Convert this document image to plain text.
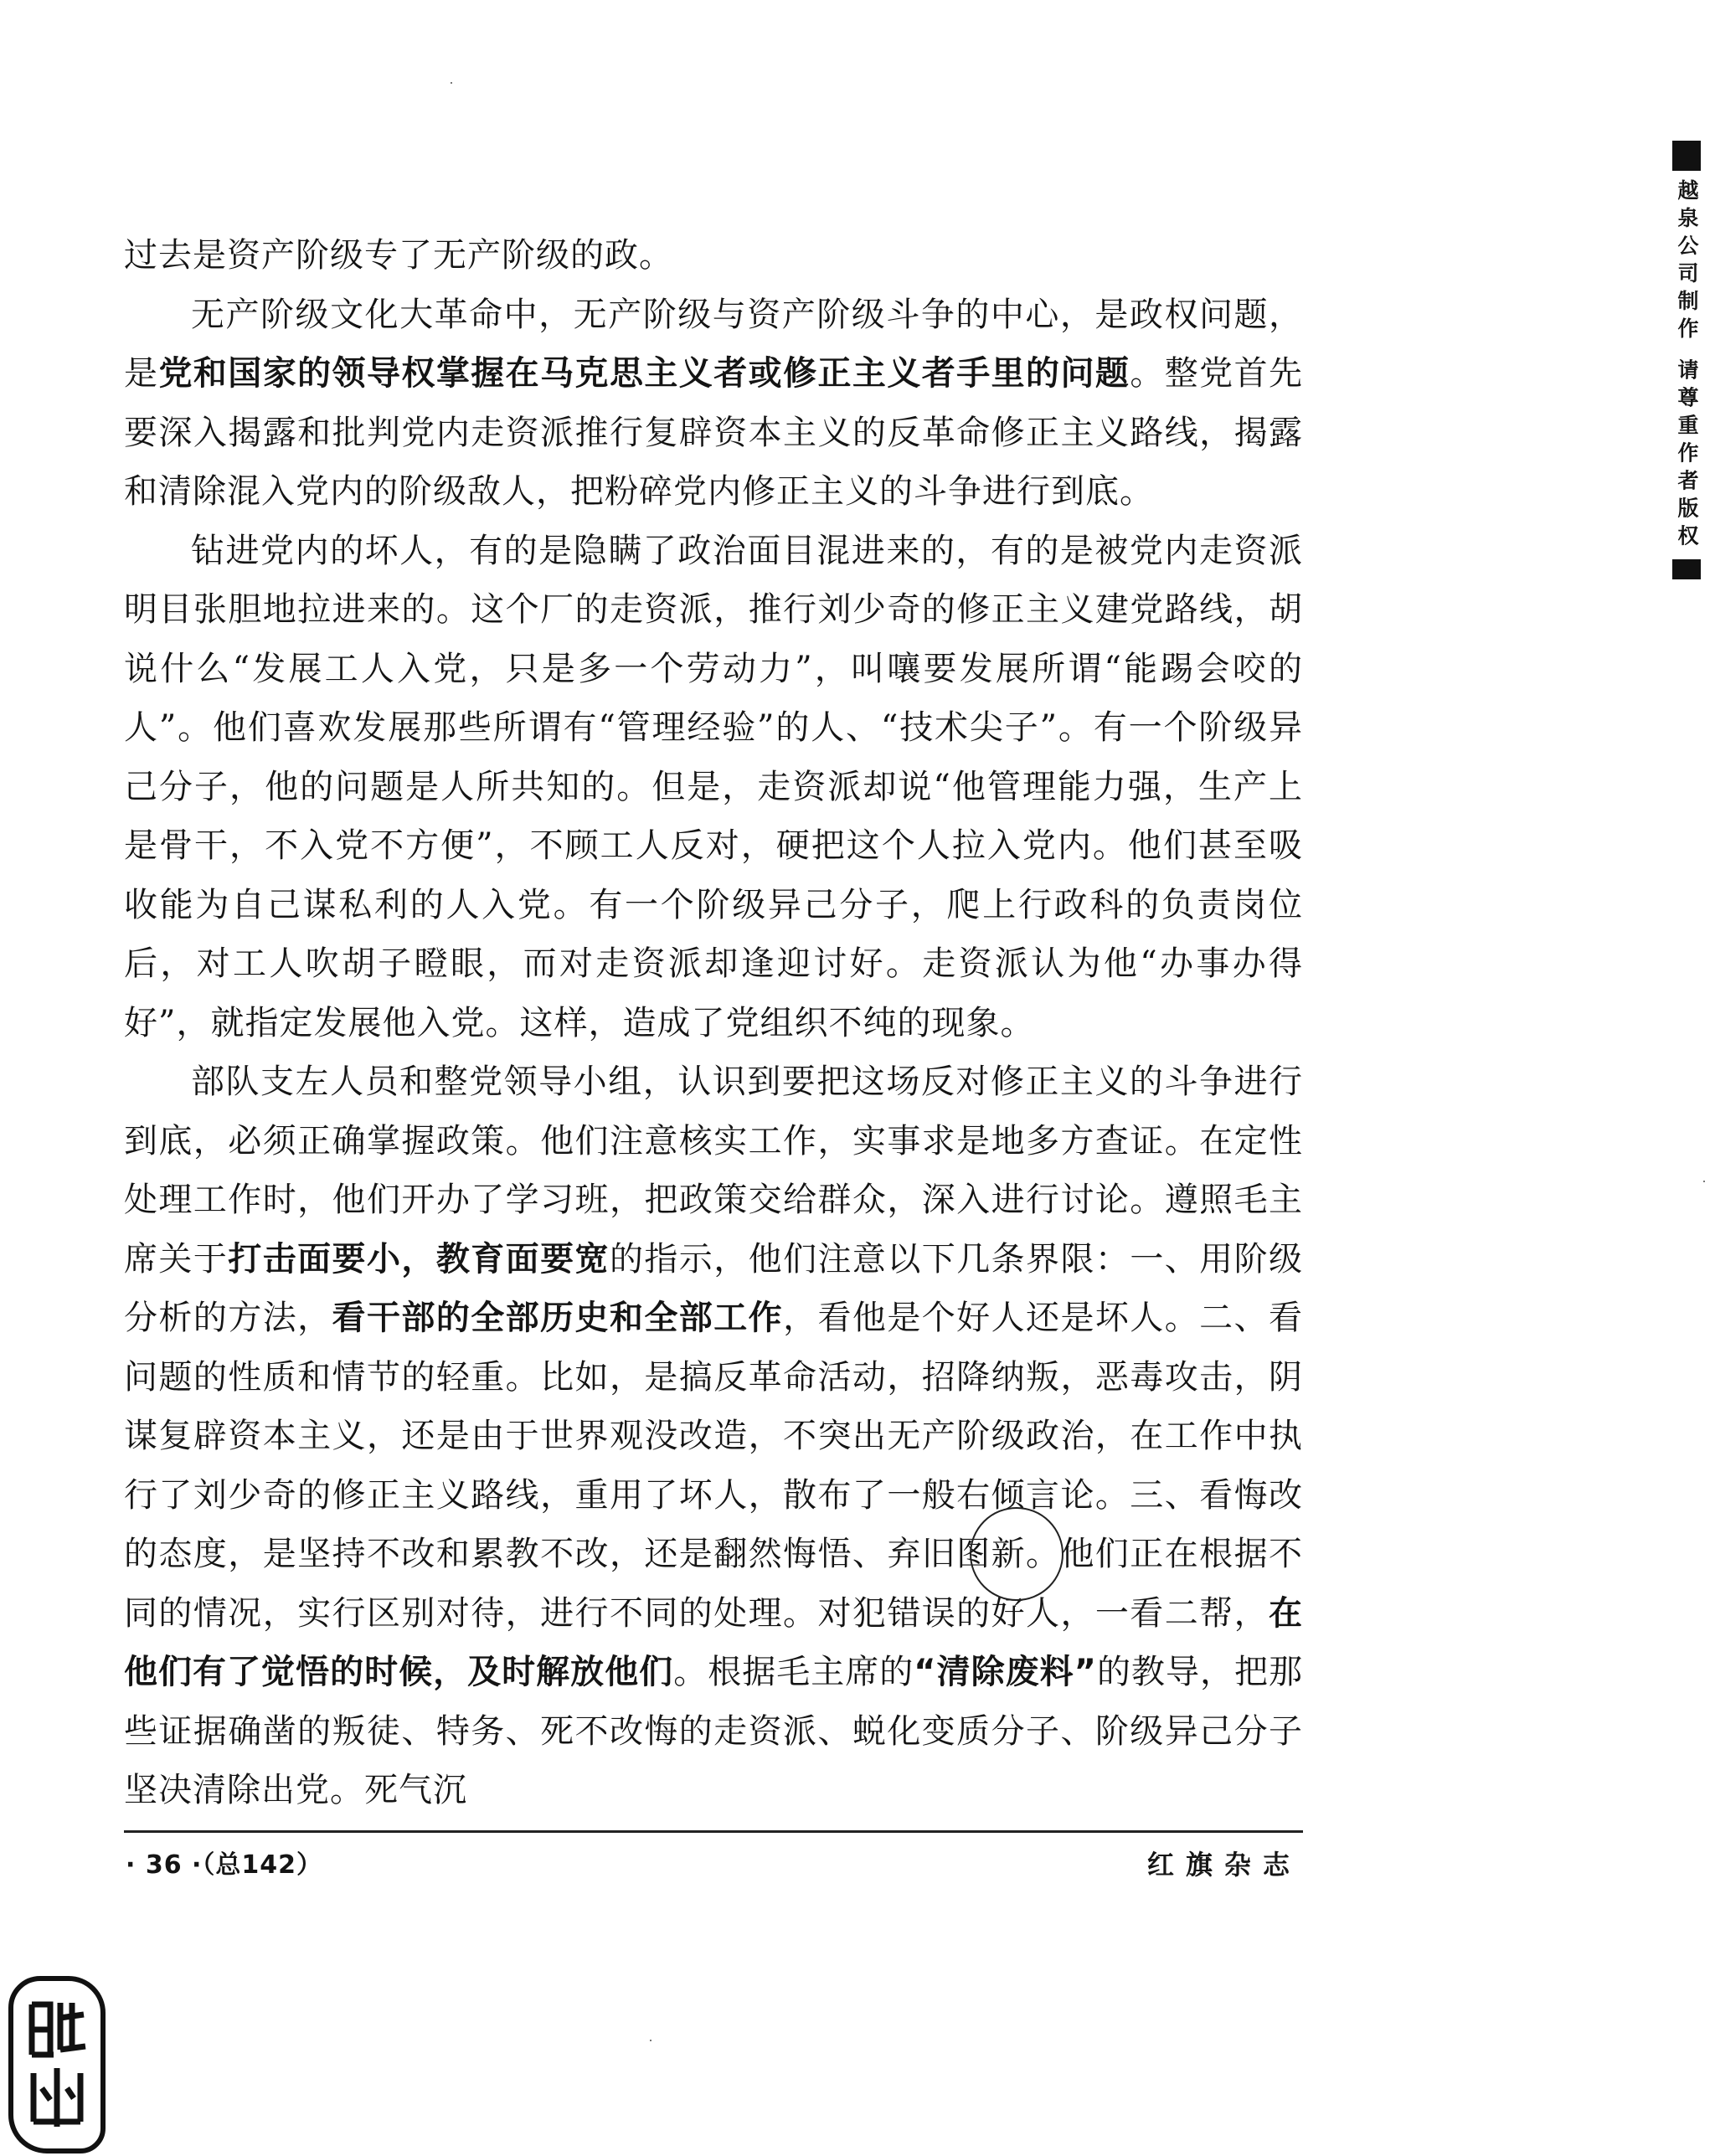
过去是资产阶级专了无产阶级的政。

无产阶级文化大革命中，无产阶级与资产阶级斗争的中心，是政权问题，是党和国家的领导权掌握在马克思主义者或修正主义者手里的问题。整党首先要深入揭露和批判党内走资派推行复辟资本主义的反革命修正主义路线，揭露和清除混入党内的阶级敌人，把粉碎党内修正主义的斗争进行到底。

钻进党内的坏人，有的是隐瞒了政治面目混进来的，有的是被党内走资派明目张胆地拉进来的。这个厂的走资派，推行刘少奇的修正主义建党路线，胡说什么“发展工人入党，只是多一个劳动力”，叫嚷要发展所谓“能踢会咬的人”。他们喜欢发展那些所谓有“管理经验”的人、“技术尖子”。有一个阶级异己分子，他的问题是人所共知的。但是，走资派却说“他管理能力强，生产上是骨干，不入党不方便”，不顾工人反对，硬把这个人拉入党内。他们甚至吸收能为自己谋私利的人入党。有一个阶级异己分子，爬上行政科的负责岗位后，对工人吹胡子瞪眼，而对走资派却逢迎讨好。走资派认为他“办事办得好”，就指定发展他入党。这样，造成了党组织不纯的现象。

部队支左人员和整党领导小组，认识到要把这场反对修正主义的斗争进行到底，必须正确掌握政策。他们注意核实工作，实事求是地多方查证。在定性处理工作时，他们开办了学习班，把政策交给群众，深入进行讨论。遵照毛主席关于打击面要小，教育面要宽的指示，他们注意以下几条界限：一、用阶级分析的方法，看干部的全部历史和全部工作，看他是个好人还是坏人。二、看问题的性质和情节的轻重。比如，是搞反革命活动，招降纳叛，恶毒攻击，阴谋复辟资本主义，还是由于世界观没改造，不突出无产阶级政治，在工作中执行了刘少奇的修正主义路线，重用了坏人，散布了一般右倾言论。三、看悔改的态度，是坚持不改和累教不改，还是翻然悔悟、弃旧图新。他们正在根据不同的情况，实行区别对待，进行不同的处理。对犯错误的好人，一看二帮，在他们有了觉悟的时候，及时解放他们。根据毛主席的“清除废料”的教导，把那些证据确凿的叛徒、特务、死不改悔的走资派、蜕化变质分子、阶级异己分子坚决清除出党。死气沉

· 36 ·（总142）	红旗杂志
越泉公司制作 请尊重作者版权
